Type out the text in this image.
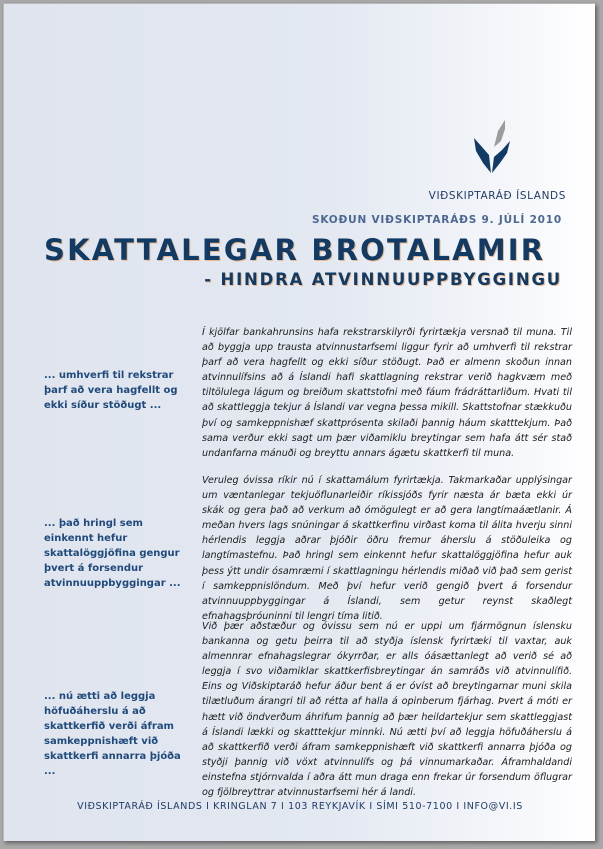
VIÐSKIPTARÁÐ ÍSLANDS
SKOÐUN VIÐSKIPTARÁÐS 9. JÚLÍ 2010
SKATTALEGAR BROTALAMIR
- HINDRA ATVINNUUPPBYGGINGU
... umhverfi til rekstrar þarf að vera hagfellt og ekki síður stöðugt ...
... það hringl sem einkennt hefur skattalöggjöfina gengur þvert á forsendur atvinnuuppbyggingar ...
... nú ætti að leggja höfuðáherslu á að skattkerfið verði áfram samkeppnishæft við skattkerfi annarra þjóða ...

Í kjölfar bankahrunsins hafa rekstrarskilyrði fyrirtækja versnað til muna. Til að byggja upp trausta atvinnustarfsemi liggur fyrir að umhverfi til rekstrar þarf að vera hagfellt og ekki síður stöðugt. Það er almenn skoðun innan atvinnulífsins að á Íslandi hafi skattlagning rekstrar verið hagkvæm með tiltölulega lágum og breiðum skattstofni með fáum frádráttarliðum. Hvati til að skattleggja tekjur á Íslandi var vegna þessa mikill. Skattstofnar stækkuðu því og samkeppnishæf skattprósenta skilaði þannig háum skatttekjum. Það sama verður ekki sagt um þær viðamiklu breytingar sem hafa átt sér stað undanfarna mánuði og breyttu annars ágætu skattkerfi til muna.

Veruleg óvissa ríkir nú í skattamálum fyrirtækja. Takmarkaðar upplýsingar um væntanlegar tekjuöflunarleiðir ríkissjóðs fyrir næsta ár bæta ekki úr skák og gera það að verkum að ómögulegt er að gera langtímaáætlanir. Á meðan hvers lags snúningar á skattkerfinu virðast koma til álita hverju sinni hérlendis leggja aðrar þjóðir öðru fremur áherslu á stöðuleika og langtímastefnu. Það hringl sem einkennt hefur skattalöggjöfina hefur auk þess ýtt undir ósamræmi í skattlagningu hérlendis miðað við það sem gerist í samkeppnislöndum. Með því hefur verið gengið þvert á forsendur atvinnuuppbyggingar á Íslandi, sem getur reynst skaðlegt efnahagsþróuninni til lengri tíma litið.

Við þær aðstæður og óvissu sem nú er uppi um fjármögnun íslensku bankanna og getu þeirra til að styðja íslensk fyrirtæki til vaxtar, auk almennrar efnahagslegrar ókyrrðar, er alls óásættanlegt að verið sé að leggja í svo viðamiklar skattkerfisbreytingar án samráðs við atvinnulífið. Eins og Viðskiptaráð hefur áður bent á er óvíst að breytingarnar muni skila tilætluðum árangri til að rétta af halla á opinberum fjárhag. Þvert á móti er hætt við öndverðum áhrifum þannig að þær heildartekjur sem skattleggjast á Íslandi lækki og skatttekjur minnki. Nú ætti því að leggja höfuðáherslu á að skattkerfið verði áfram samkeppnishæft við skattkerfi annarra þjóða og styðji þannig við vöxt atvinnulífs og þá vinnumarkaðar. Áframhaldandi einstefna stjórnvalda í aðra átt mun draga enn frekar úr forsendum öflugrar og fjölbreyttrar atvinnustarfsemi hér á landi.

VIÐSKIPTARÁÐ ÍSLANDS I KRINGLAN 7 I 103 REYKJAVÍK I SÍMI 510-7100 I INFO@VI.IS
